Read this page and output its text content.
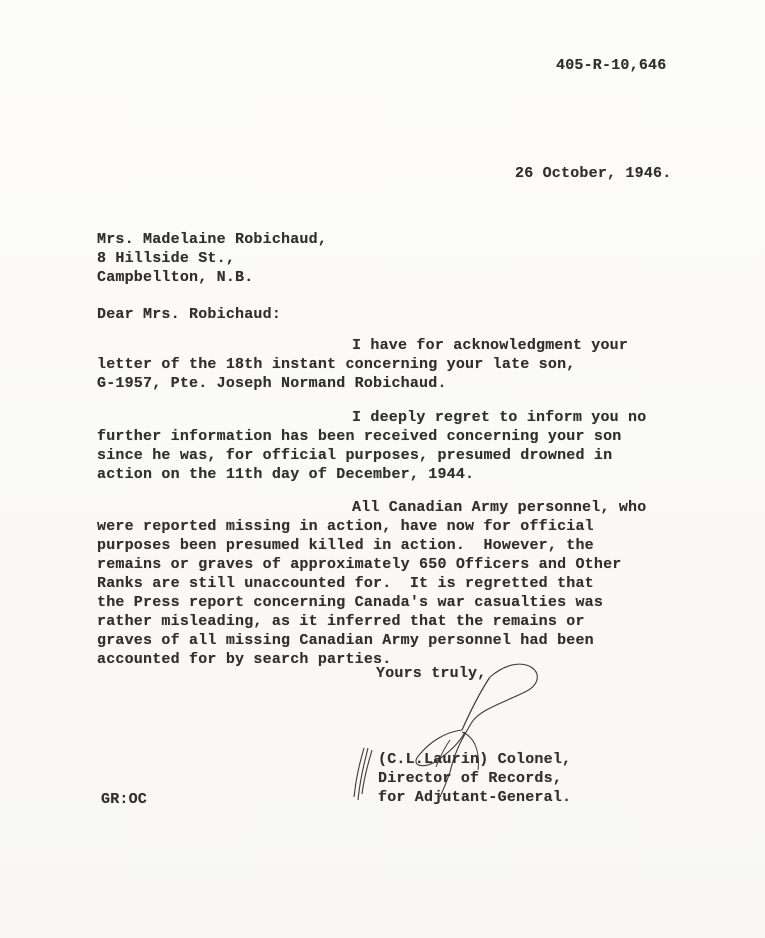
405-R-10,646
26 October, 1946.
Mrs. Madelaine Robichaud,
8 Hillside St.,
Campbellton, N.B.
Dear Mrs. Robichaud:
I have for acknowledgment your
letter of the 18th instant concerning your late son,
G-1957, Pte. Joseph Normand Robichaud.
I deeply regret to inform you no
further information has been received concerning your son
since he was, for official purposes, presumed drowned in
action on the 11th day of December, 1944.
All Canadian Army personnel, who
were reported missing in action, have now for official
purposes been presumed killed in action.  However, the
remains or graves of approximately 650 Officers and Other
Ranks are still unaccounted for.  It is regretted that
the Press report concerning Canada's war casualties was
rather misleading, as it inferred that the remains or
graves of all missing Canadian Army personnel had been
accounted for by search parties.
Yours truly,
(C.L.Laurin) Colonel,
Director of Records,
for Adjutant-General.
GR:OC
